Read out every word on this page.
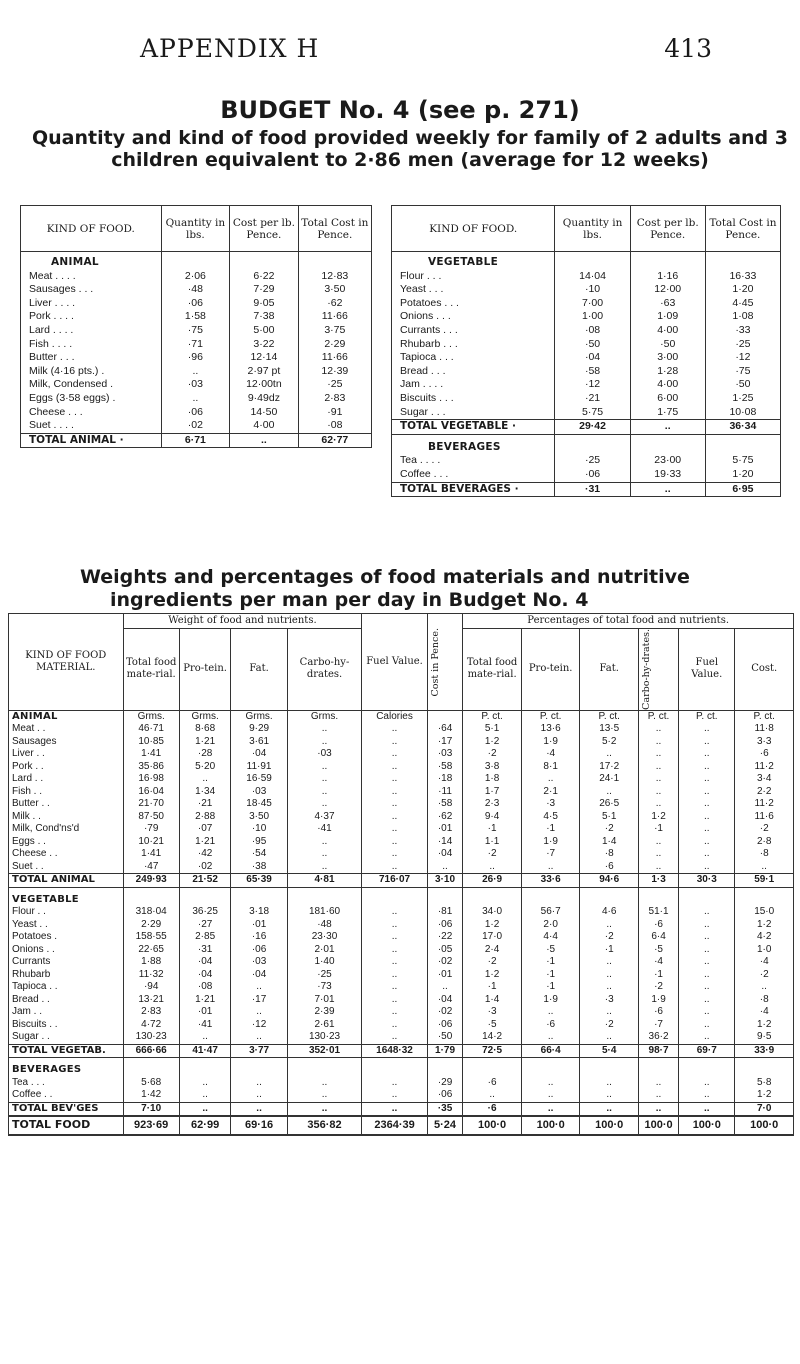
APPENDIX H	413
BUDGET No. 4 (see p. 271)
Quantity and kind of food provided weekly for family of 2 adults and 3 children equivalent to 2·86 men (average for 12 weeks)
KIND OF FOOD.	Quantity in lbs.	Cost per lb. Pence.	Total Cost in Pence.
ANIMAL			
Meat . . . .	2·06	6·22	12·83
Sausages . . .	·48	7·29	3·50
Liver . . . .	·06	9·05	·62
Pork . . . .	1·58	7·38	11·66
Lard . . . .	·75	5·00	3·75
Fish . . . .	·71	3·22	2·29
Butter . . .	·96	12·14	11·66
Milk (4·16 pts.) .	..	2·97 pt	12·39
Milk, Condensed .	·03	12·00tn	·25
Eggs (3·58 eggs) .	..	9·49dz	2·83
Cheese . . .	·06	14·50	·91
Suet . . . .	·02	4·00	·08
TOTAL ANIMAL ·	6·71	..	62·77
KIND OF FOOD.	Quantity in lbs.	Cost per lb. Pence.	Total Cost in Pence.
VEGETABLE			
Flour . . .	14·04	1·16	16·33
Yeast . . .	·10	12·00	1·20
Potatoes . . .	7·00	·63	4·45
Onions . . .	1·00	1·09	1·08
Currants . . .	·08	4·00	·33
Rhubarb . . .	·50	·50	·25
Tapioca . . .	·04	3·00	·12
Bread . . .	·58	1·28	·75
Jam . . . .	·12	4·00	·50
Biscuits . . .	·21	6·00	1·25
Sugar . . .	5·75	1·75	10·08
TOTAL VEGETABLE ·	29·42	..	36·34
BEVERAGES			
Tea . . . .	·25	23·00	5·75
Coffee . . .	·06	19·33	1·20
TOTAL BEVERAGES ·	·31	..	6·95
Weights and percentages of food materials and nutritive
ingredients per man per day in Budget No. 4
KIND OF FOOD MATERIAL.	Weight of food and nutrients.				Fuel Value.	Cost in Pence.	Percentages of total food and nutrients.					
	Total food mate-rial.	Pro-tein.	Fat.	Carbo-hy-drates.			Total food mate-rial.	Pro-tein.	Fat.	Carbo-hy-drates.	Fuel Value.	Cost.
ANIMAL	Grms.	Grms.	Grms.	Grms.	Calories		P. ct.	P. ct.	P. ct.	P. ct.	P. ct.	P. ct.
Meat . .	46·71	8·68	9·29	..	..	·64	5·1	13·6	13·5	..	..	11·8
Sausages	10·85	1·21	3·61	..	..	·17	1·2	1·9	5·2	..	..	3·3
Liver . .	1·41	·28	·04	·03	..	·03	·2	·4	..	..	..	·6
Pork . .	35·86	5·20	11·91	..	..	·58	3·8	8·1	17·2	..	..	11·2
Lard . .	16·98	..	16·59	..	..	·18	1·8	..	24·1	..	..	3·4
Fish . .	16·04	1·34	·03	..	..	·11	1·7	2·1	..	..	..	2·2
Butter . .	21·70	·21	18·45	..	..	·58	2·3	·3	26·5	..	..	11·2
Milk . .	87·50	2·88	3·50	4·37	..	·62	9·4	4·5	5·1	1·2	..	11·6
Milk, Cond'ns'd	·79	·07	·10	·41	..	·01	·1	·1	·2	·1	..	·2
Eggs . .	10·21	1·21	·95	..	..	·14	1·1	1·9	1·4	..	..	2·8
Cheese . .	1·41	·42	·54	..	..	·04	·2	·7	·8	..	..	·8
Suet . .	·47	·02	·38	..	..	..	..	..	·6	..	..	..
TOTAL ANIMAL	249·93	21·52	65·39	4·81	716·07	3·10	26·9	33·6	94·6	1·3	30·3	59·1
VEGETABLE												
Flour . .	318·04	36·25	3·18	181·60	..	·81	34·0	56·7	4·6	51·1	..	15·0
Yeast . .	2·29	·27	·01	·48	..	·06	1·2	2·0	..	·6	..	1·2
Potatoes .	158·55	2·85	·16	23·30	..	·22	17·0	4·4	·2	6·4	..	4·2
Onions . .	22·65	·31	·06	2·01	..	·05	2·4	·5	·1	·5	..	1·0
Currants	1·88	·04	·03	1·40	..	·02	·2	·1	..	·4	..	·4
Rhubarb	11·32	·04	·04	·25	..	·01	1·2	·1	..	·1	..	·2
Tapioca . .	·94	·08	..	·73	..	..	·1	·1	..	·2	..	..
Bread . .	13·21	1·21	·17	7·01	..	·04	1·4	1·9	·3	1·9	..	·8
Jam . .	2·83	·01	..	2·39	..	·02	·3	..	..	·6	..	·4
Biscuits . .	4·72	·41	·12	2·61	..	·06	·5	·6	·2	·7	..	1·2
Sugar . .	130·23	..	..	130·23	..	·50	14·2	..	..	36·2	..	9·5
TOTAL VEGETAB.	666·66	41·47	3·77	352·01	1648·32	1·79	72·5	66·4	5·4	98·7	69·7	33·9
BEVERAGES												
Tea . . .	5·68	..	..	..	..	·29	·6	..	..	..	..	5·8
Coffee . .	1·42	..	..	..	..	·06	..	..	..	..	..	1·2
TOTAL BEV'GES	7·10	..	..	..	..	·35	·6	..	..	..	..	7·0
TOTAL FOOD	923·69	62·99	69·16	356·82	2364·39	5·24	100·0	100·0	100·0	100·0	100·0	100·0
